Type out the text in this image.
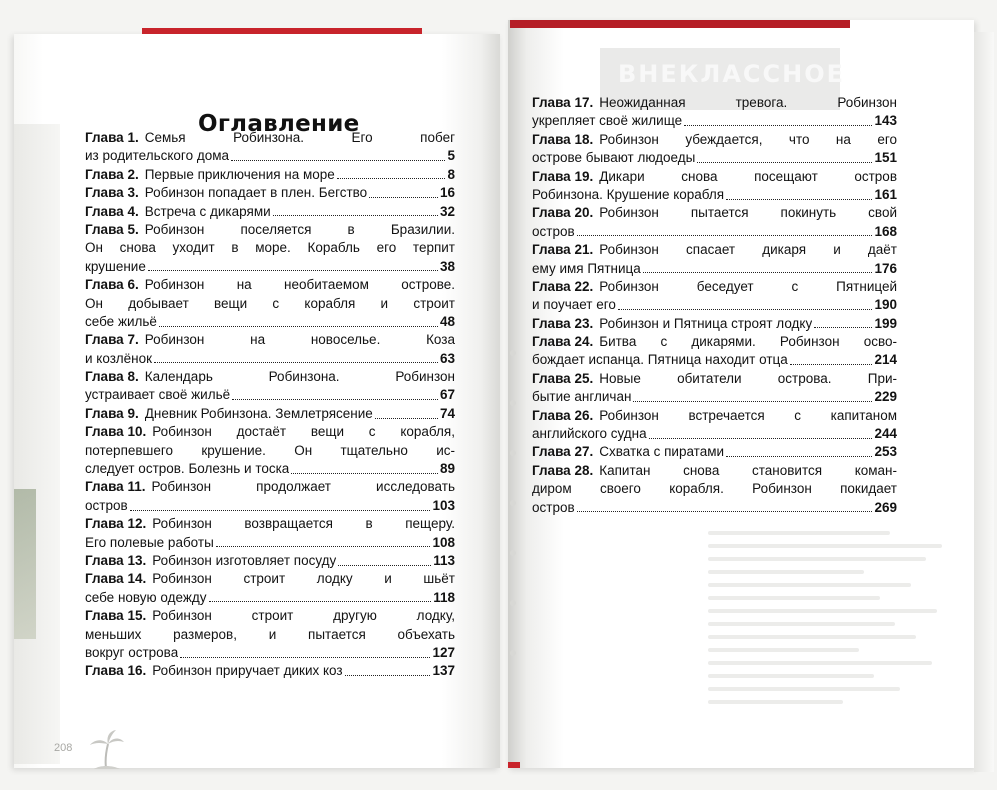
208
ВНЕКЛАССНОЕ
Оглавление
Глава 1. Семья Робинзона. Его побег
из родительского дома	5
Глава 2. Первые приключения на море	8
Глава 3. Робинзон попадает в плен. Бегство	16
Глава 4. Встреча с дикарями	32
Глава 5. Робинзон поселяется в Бразилии.
Он снова уходит в море. Корабль его терпит
крушение	38
Глава 6. Робинзон на необитаемом острове.
Он добывает вещи с корабля и строит
себе жильё	48
Глава 7. Робинзон на новоселье. Коза
и козлёнок	63
Глава 8. Календарь Робинзона. Робинзон
устраивает своё жильё	67
Глава 9. Дневник Робинзона. Землетрясение	74
Глава 10. Робинзон достаёт вещи с корабля,
потерпевшего крушение. Он тщательно ис-
следует остров. Болезнь и тоска	89
Глава 11. Робинзон продолжает исследовать
остров	103
Глава 12. Робинзон возвращается в пещеру.
Его полевые работы	108
Глава 13. Робинзон изготовляет посуду	113
Глава 14. Робинзон строит лодку и шьёт
себе новую одежду	118
Глава 15. Робинзон строит другую лодку,
меньших размеров, и пытается объехать
вокруг острова	127
Глава 16. Робинзон приручает диких коз	137
Глава 17. Неожиданная тревога. Робинзон
укрепляет своё жилище	143
Глава 18. Робинзон убеждается, что на его
острове бывают людоеды	151
Глава 19. Дикари снова посещают остров
Робинзона. Крушение корабля	161
Глава 20. Робинзон пытается покинуть свой
остров	168
Глава 21. Робинзон спасает дикаря и даёт
ему имя Пятница	176
Глава 22. Робинзон беседует с Пятницей
и поучает его	190
Глава 23. Робинзон и Пятница строят лодку	199
Глава 24. Битва с дикарями. Робинзон осво-
бождает испанца. Пятница находит отца	214
Глава 25. Новые обитатели острова. При-
бытие англичан	229
Глава 26. Робинзон встречается с капитаном
английского судна	244
Глава 27. Схватка с пиратами	253
Глава 28. Капитан снова становится коман-
диром своего корабля. Робинзон покидает
остров	269
